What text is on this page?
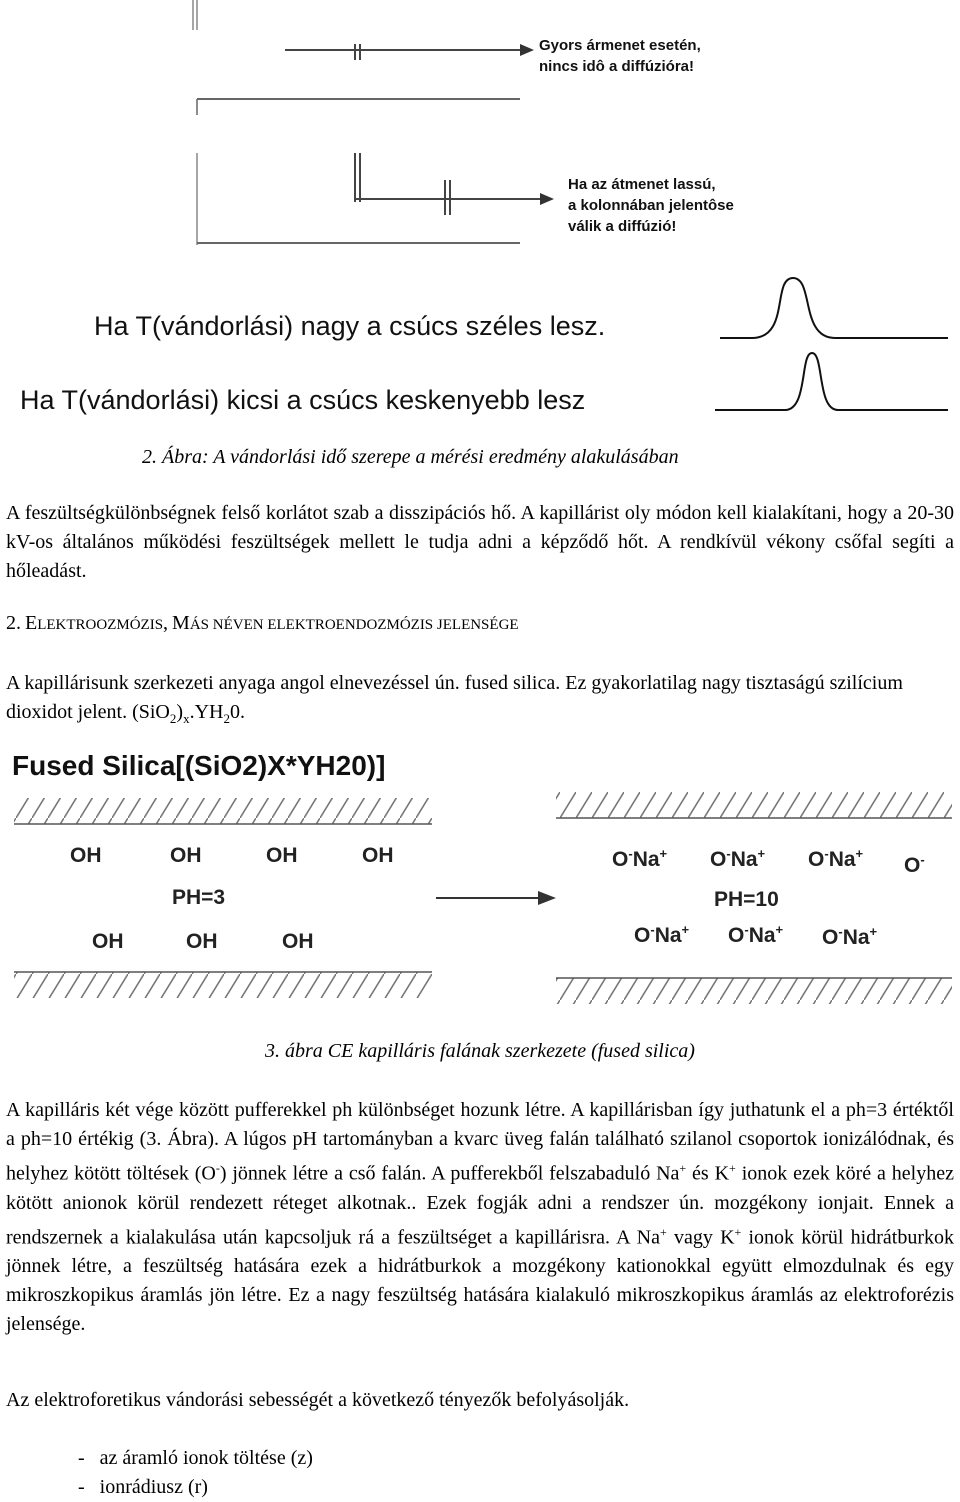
Gyors ármenet esetén,
nincs idô a diffúzióra!
Ha az átmenet lassú,
a kolonnában jelentôse
válik a diffúzió!
Ha T(vándorlási) nagy a csúcs széles lesz.
Ha T(vándorlási) kicsi a csúcs keskenyebb lesz
2. Ábra: A vándorlási idő szerepe a mérési eredmény alakulásában
A feszültségkülönbségnek felső korlátot szab a disszipációs hő. A kapillárist oly módon kell kialakítani, hogy a 20-30 kV-os általános működési feszültségek mellett le tudja adni a képződő hőt. A rendkívül vékony csőfal segíti a hőleadást.
2. ELEKTROOZMÓZIS, MÁS NÉVEN ELEKTROENDOZMÓZIS JELENSÉGE
A kapillárisunk szerkezeti anyaga angol elnevezéssel ún. fused silica. Ez gyakorlatilag nagy tisztaságú szilícium dioxidot jelent. $(SiO_2)_x.YH_20$.
Fused Silica[(SiO2)X*YH20)]
OH	OH	OH	OH
PH=3
OH	OH	OH
O-Na+ O-Na+ O-Na+
O-
PH=10
O-Na+ O-Na+ O-Na+
3. ábra CE kapilláris falának szerkezete (fused silica)
A kapilláris két vége között pufferekkel ph különbséget hozunk létre. A kapillárisban így juthatunk el a ph=3 értéktől a ph=10 értékig (3. Ábra). A lúgos pH tartományban a kvarc üveg falán található szilanol csoportok ionizálódnak, és helyhez kötött töltések (O-) jönnek létre a cső falán. A pufferekből felszabaduló Na+ és K+ ionok ezek köré a helyhez kötött anionok körül rendezett réteget alkotnak.. Ezek fogják adni a rendszer ún. mozgékony ionjait. Ennek a rendszernek a kialakulása után kapcsoljuk rá a feszültséget a kapillárisra. A Na+ vagy K+ ionok körül hidrátburkok jönnek létre, a feszültség hatására ezek a hidrátburkok a mozgékony kationokkal együtt elmozdulnak és egy mikroszkopikus áramlás jön létre. Ez a nagy feszültség hatására kialakuló mikroszkopikus áramlás az elektroforézis jelensége.
Az elektroforetikus vándorási sebességét a következő tényezők befolyásolják.
-   az áramló ionok töltése (z)
-   ionrádiusz (r)
